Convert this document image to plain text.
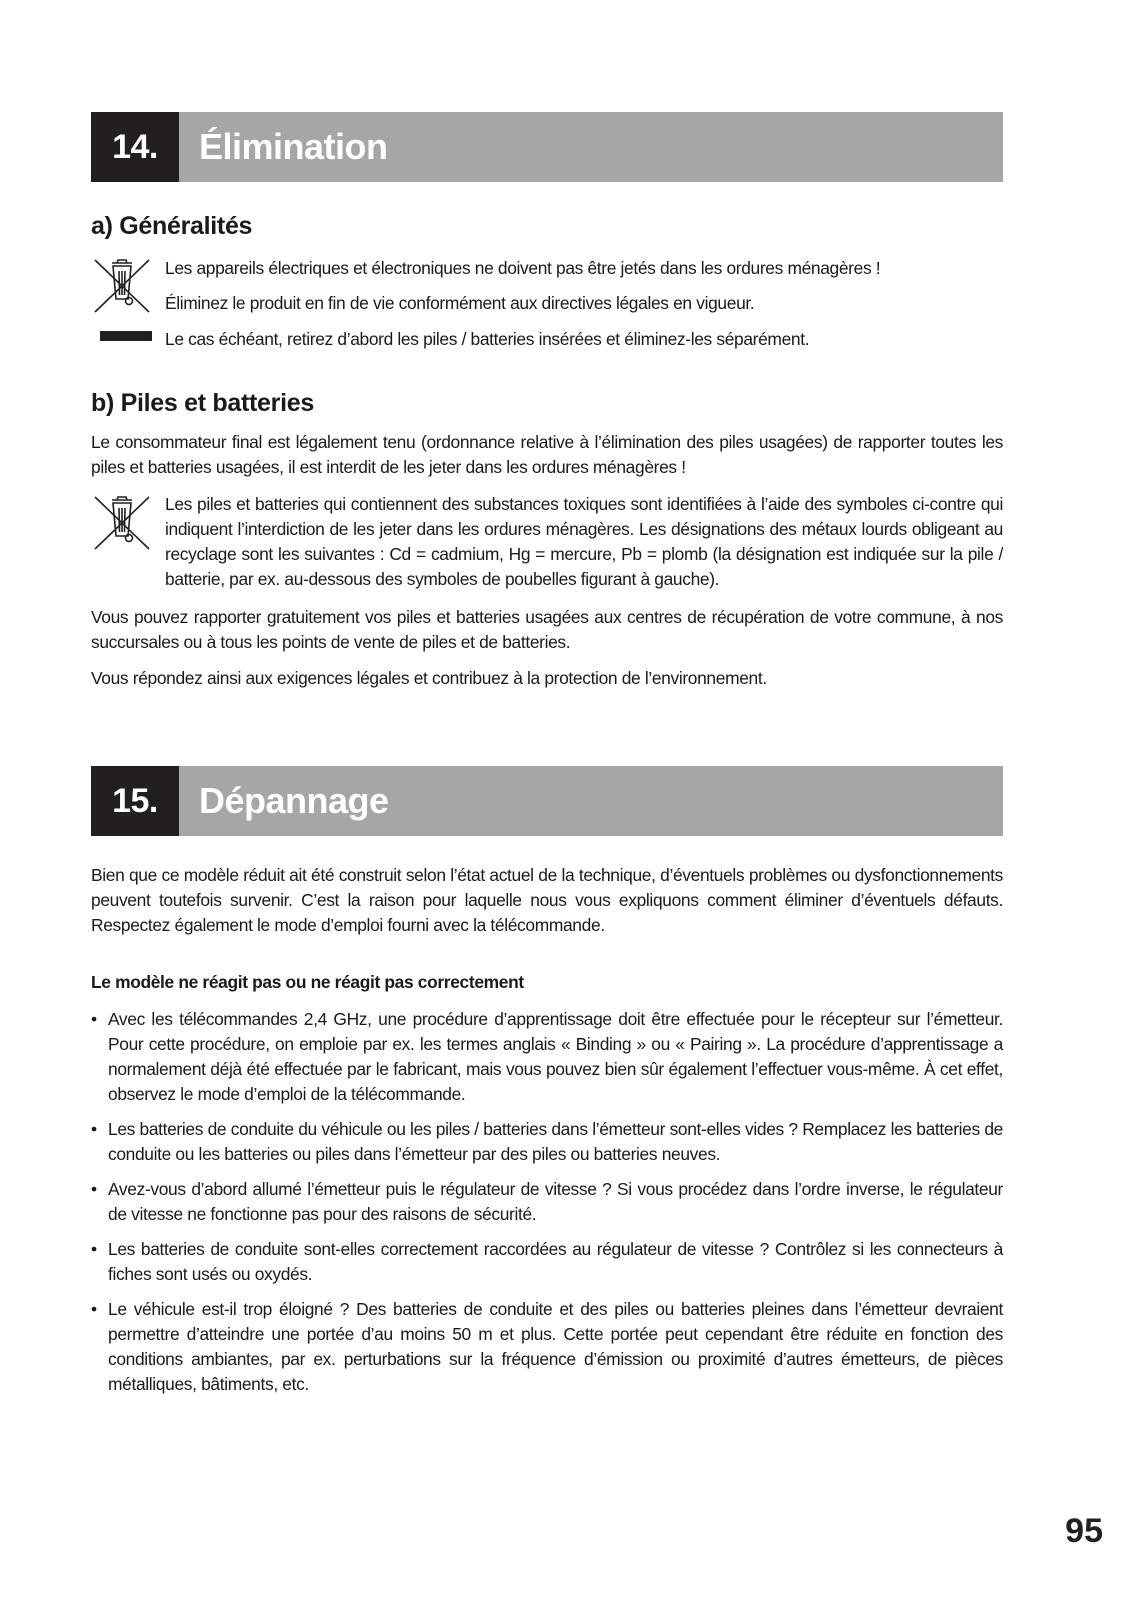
14.	Élimination
a) Généralités
Les appareils électriques et électroniques ne doivent pas être jetés dans les ordures ménagères !
Éliminez le produit en fin de vie conformément aux directives légales en vigueur.
Le cas échéant, retirez d’abord les piles / batteries insérées et éliminez-les séparément.
b) Piles et batteries
Le consommateur final est légalement tenu (ordonnance relative à l’élimination des piles usagées) de rapporter toutes les piles et batteries usagées, il est interdit de les jeter dans les ordures ménagères !
Les piles et batteries qui contiennent des substances toxiques sont identifiées à l’aide des symboles ci-contre qui indiquent l’interdiction de les jeter dans les ordures ménagères. Les désignations des métaux lourds obligeant au recyclage sont les suivantes : Cd = cadmium, Hg = mercure, Pb = plomb (la désignation est indiquée sur la pile / batterie, par ex. au-dessous des symboles de poubelles figurant à gauche).
Vous pouvez rapporter gratuitement vos piles et batteries usagées aux centres de récupération de votre commune, à nos succursales ou à tous les points de vente de piles et de batteries.
Vous répondez ainsi aux exigences légales et contribuez à la protection de l’environnement.
15.	Dépannage
Bien que ce modèle réduit ait été construit selon l’état actuel de la technique, d’éventuels problèmes ou dysfonctionnements peuvent toutefois survenir. C’est la raison pour laquelle nous vous expliquons comment éliminer d’éventuels défauts. Respectez également le mode d’emploi fourni avec la télécommande.
Le modèle ne réagit pas ou ne réagit pas correctement
• Avec les télécommandes 2,4 GHz, une procédure d’apprentissage doit être effectuée pour le récepteur sur l’émetteur. Pour cette procédure, on emploie par ex. les termes anglais « Binding » ou « Pairing ». La procédure d’apprentissage a normalement déjà été effectuée par le fabricant, mais vous pouvez bien sûr également l’effectuer vous-même. À cet effet, observez le mode d’emploi de la télécommande.
• Les batteries de conduite du véhicule ou les piles / batteries dans l’émetteur sont-elles vides ? Remplacez les batteries de conduite ou les batteries ou piles dans l’émetteur par des piles ou batteries neuves.
• Avez-vous d’abord allumé l’émetteur puis le régulateur de vitesse ? Si vous procédez dans l’ordre inverse, le régulateur de vitesse ne fonctionne pas pour des raisons de sécurité.
• Les batteries de conduite sont-elles correctement raccordées au régulateur de vitesse ? Contrôlez si les connecteurs à fiches sont usés ou oxydés.
• Le véhicule est-il trop éloigné ? Des batteries de conduite et des piles ou batteries pleines dans l’émetteur devraient permettre d’atteindre une portée d’au moins 50 m et plus. Cette portée peut cependant être réduite en fonction des conditions ambiantes, par ex. perturbations sur la fréquence d’émission ou proximité d’autres émetteurs, de pièces métalliques, bâtiments, etc.
95
